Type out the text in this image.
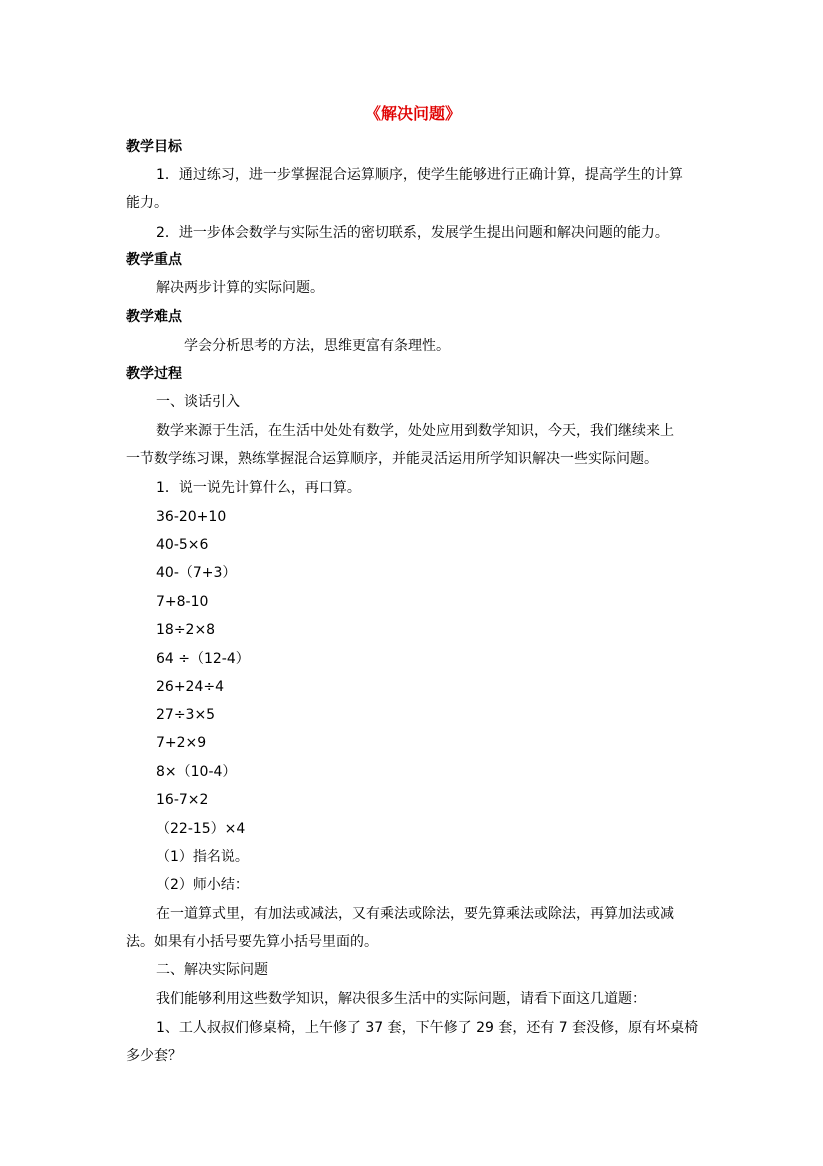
《解决问题》
教学目标
1．通过练习，进一步掌握混合运算顺序，使学生能够进行正确计算，提高学生的计算
能力。
2．进一步体会数学与实际生活的密切联系，发展学生提出问题和解决问题的能力。
教学重点
解决两步计算的实际问题。
教学难点
学会分析思考的方法，思维更富有条理性。
教学过程
一、谈话引入
数学来源于生活，在生活中处处有数学，处处应用到数学知识，今天，我们继续来上
一节数学练习课，熟练掌握混合运算顺序，并能灵活运用所学知识解决一些实际问题。
1．说一说先计算什么，再口算。
36-20+10
40-5×6
40-（7+3）
7+8-10
18÷2×8
64 ÷（12-4）
26+24÷4
27÷3×5
7+2×9
8×（10-4）
16-7×2
（22-15）×4
（1）指名说。
（2）师小结：
在一道算式里，有加法或减法，又有乘法或除法，要先算乘法或除法，再算加法或减
法。如果有小括号要先算小括号里面的。
二、解决实际问题
我们能够利用这些数学知识，解决很多生活中的实际问题，请看下面这几道题：
1、工人叔叔们修桌椅，上午修了 37 套，下午修了 29 套，还有 7 套没修，原有坏桌椅
多少套？
